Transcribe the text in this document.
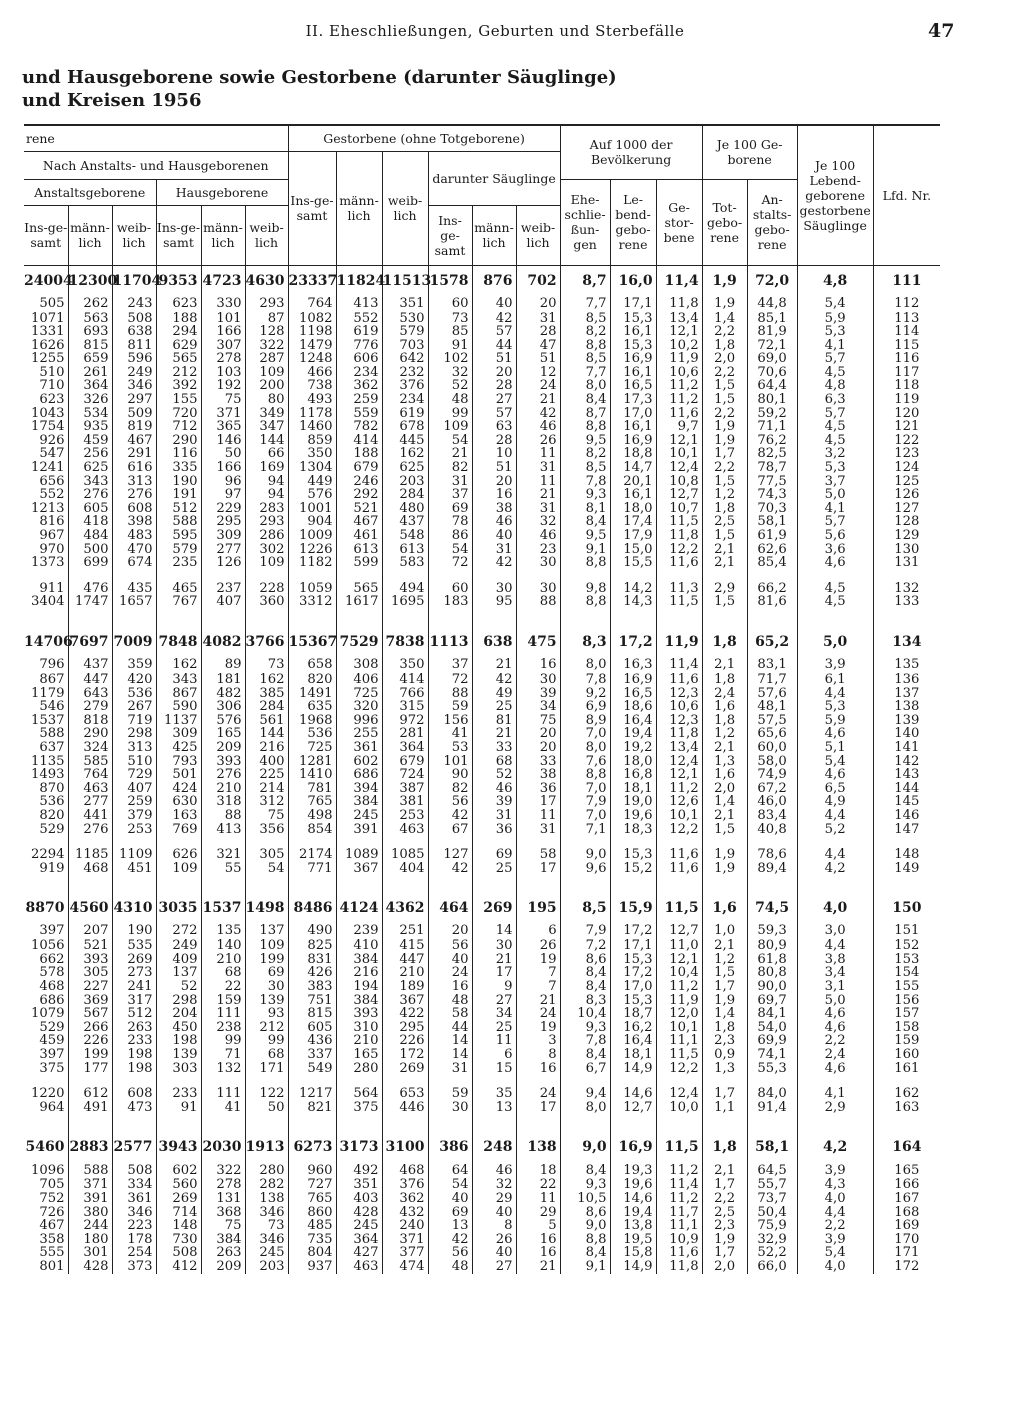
II. Eheschließungen, Geburten und Sterbefälle	47
und Hausgeborene sowie Gestorbene (darunter Säuglinge)
und Kreisen 1956
rene						Gestorbene (ohne Totgeborene)						Auf 1000 der Bevölkerung			Je 100 Ge-borene		Je 100 Lebend-geborene gestorbene Säuglinge	Lfd. Nr.
Nach Anstalts- und Hausgeborenen						Ins-ge-samt	männ-lich	weib-lich	darunter Säuglinge									
Anstaltsgeborene			Hausgeborene									Ehe-schlie-ßun-gen	Le-bend-gebo-rene	Ge-stor-bene	Tot-gebo-rene	An-stalts-gebo-rene		
Ins-ge-samt	männ-lich	weib-lich	Ins-ge-samt	männ-lich	weib-lich				Ins-ge-samt	männ-lich	weib-lich							
24004	12300	11704	9353	4723	4630	23337	11824	11513	1578	876	702	8,7	16,0	11,4	1,9	72,0	4,8	111
505	262	243	623	330	293	764	413	351	60	40	20	7,7	17,1	11,8	1,9	44,8	5,4	112
1071	563	508	188	101	87	1082	552	530	73	42	31	8,5	15,3	13,4	1,4	85,1	5,9	113
1331	693	638	294	166	128	1198	619	579	85	57	28	8,2	16,1	12,1	2,2	81,9	5,3	114
1626	815	811	629	307	322	1479	776	703	91	44	47	8,8	15,3	10,2	1,8	72,1	4,1	115
1255	659	596	565	278	287	1248	606	642	102	51	51	8,5	16,9	11,9	2,0	69,0	5,7	116
510	261	249	212	103	109	466	234	232	32	20	12	7,7	16,1	10,6	2,2	70,6	4,5	117
710	364	346	392	192	200	738	362	376	52	28	24	8,0	16,5	11,2	1,5	64,4	4,8	118
623	326	297	155	75	80	493	259	234	48	27	21	8,4	17,3	11,2	1,5	80,1	6,3	119
1043	534	509	720	371	349	1178	559	619	99	57	42	8,7	17,0	11,6	2,2	59,2	5,7	120
1754	935	819	712	365	347	1460	782	678	109	63	46	8,8	16,1	9,7	1,9	71,1	4,5	121
926	459	467	290	146	144	859	414	445	54	28	26	9,5	16,9	12,1	1,9	76,2	4,5	122
547	256	291	116	50	66	350	188	162	21	10	11	8,2	18,8	10,1	1,7	82,5	3,2	123
1241	625	616	335	166	169	1304	679	625	82	51	31	8,5	14,7	12,4	2,2	78,7	5,3	124
656	343	313	190	96	94	449	246	203	31	20	11	7,8	20,1	10,8	1,5	77,5	3,7	125
552	276	276	191	97	94	576	292	284	37	16	21	9,3	16,1	12,7	1,2	74,3	5,0	126
1213	605	608	512	229	283	1001	521	480	69	38	31	8,1	18,0	10,7	1,8	70,3	4,1	127
816	418	398	588	295	293	904	467	437	78	46	32	8,4	17,4	11,5	2,5	58,1	5,7	128
967	484	483	595	309	286	1009	461	548	86	40	46	9,5	17,9	11,8	1,5	61,9	5,6	129
970	500	470	579	277	302	1226	613	613	54	31	23	9,1	15,0	12,2	2,1	62,6	3,6	130
1373	699	674	235	126	109	1182	599	583	72	42	30	8,8	15,5	11,6	2,1	85,4	4,6	131

911	476	435	465	237	228	1059	565	494	60	30	30	9,8	14,2	11,3	2,9	66,2	4,5	132
3404	1747	1657	767	407	360	3312	1617	1695	183	95	88	8,8	14,3	11,5	1,5	81,6	4,5	133

14706	7697	7009	7848	4082	3766	15367	7529	7838	1113	638	475	8,3	17,2	11,9	1,8	65,2	5,0	134
796	437	359	162	89	73	658	308	350	37	21	16	8,0	16,3	11,4	2,1	83,1	3,9	135
867	447	420	343	181	162	820	406	414	72	42	30	7,8	16,9	11,6	1,8	71,7	6,1	136
1179	643	536	867	482	385	1491	725	766	88	49	39	9,2	16,5	12,3	2,4	57,6	4,4	137
546	279	267	590	306	284	635	320	315	59	25	34	6,9	18,6	10,6	1,6	48,1	5,3	138
1537	818	719	1137	576	561	1968	996	972	156	81	75	8,9	16,4	12,3	1,8	57,5	5,9	139
588	290	298	309	165	144	536	255	281	41	21	20	7,0	19,4	11,8	1,2	65,6	4,6	140
637	324	313	425	209	216	725	361	364	53	33	20	8,0	19,2	13,4	2,1	60,0	5,1	141
1135	585	510	793	393	400	1281	602	679	101	68	33	7,6	18,0	12,4	1,3	58,0	5,4	142
1493	764	729	501	276	225	1410	686	724	90	52	38	8,8	16,8	12,1	1,6	74,9	4,6	143
870	463	407	424	210	214	781	394	387	82	46	36	7,0	18,1	11,2	2,0	67,2	6,5	144
536	277	259	630	318	312	765	384	381	56	39	17	7,9	19,0	12,6	1,4	46,0	4,9	145
820	441	379	163	88	75	498	245	253	42	31	11	7,0	19,6	10,1	2,1	83,4	4,4	146
529	276	253	769	413	356	854	391	463	67	36	31	7,1	18,3	12,2	1,5	40,8	5,2	147

2294	1185	1109	626	321	305	2174	1089	1085	127	69	58	9,0	15,3	11,6	1,9	78,6	4,4	148
919	468	451	109	55	54	771	367	404	42	25	17	9,6	15,2	11,6	1,9	89,4	4,2	149

8870	4560	4310	3035	1537	1498	8486	4124	4362	464	269	195	8,5	15,9	11,5	1,6	74,5	4,0	150
397	207	190	272	135	137	490	239	251	20	14	6	7,9	17,2	12,7	1,0	59,3	3,0	151
1056	521	535	249	140	109	825	410	415	56	30	26	7,2	17,1	11,0	2,1	80,9	4,4	152
662	393	269	409	210	199	831	384	447	40	21	19	8,6	15,3	12,1	1,2	61,8	3,8	153
578	305	273	137	68	69	426	216	210	24	17	7	8,4	17,2	10,4	1,5	80,8	3,4	154
468	227	241	52	22	30	383	194	189	16	9	7	8,4	17,0	11,2	1,7	90,0	3,1	155
686	369	317	298	159	139	751	384	367	48	27	21	8,3	15,3	11,9	1,9	69,7	5,0	156
1079	567	512	204	111	93	815	393	422	58	34	24	10,4	18,7	12,0	1,4	84,1	4,6	157
529	266	263	450	238	212	605	310	295	44	25	19	9,3	16,2	10,1	1,8	54,0	4,6	158
459	226	233	198	99	99	436	210	226	14	11	3	7,8	16,4	11,1	2,3	69,9	2,2	159
397	199	198	139	71	68	337	165	172	14	6	8	8,4	18,1	11,5	0,9	74,1	2,4	160
375	177	198	303	132	171	549	280	269	31	15	16	6,7	14,9	12,2	1,3	55,3	4,6	161

1220	612	608	233	111	122	1217	564	653	59	35	24	9,4	14,6	12,4	1,7	84,0	4,1	162
964	491	473	91	41	50	821	375	446	30	13	17	8,0	12,7	10,0	1,1	91,4	2,9	163

5460	2883	2577	3943	2030	1913	6273	3173	3100	386	248	138	9,0	16,9	11,5	1,8	58,1	4,2	164
1096	588	508	602	322	280	960	492	468	64	46	18	8,4	19,3	11,2	2,1	64,5	3,9	165
705	371	334	560	278	282	727	351	376	54	32	22	9,3	19,6	11,4	1,7	55,7	4,3	166
752	391	361	269	131	138	765	403	362	40	29	11	10,5	14,6	11,2	2,2	73,7	4,0	167
726	380	346	714	368	346	860	428	432	69	40	29	8,6	19,4	11,7	2,5	50,4	4,4	168
467	244	223	148	75	73	485	245	240	13	8	5	9,0	13,8	11,1	2,3	75,9	2,2	169
358	180	178	730	384	346	735	364	371	42	26	16	8,8	19,5	10,9	1,9	32,9	3,9	170
555	301	254	508	263	245	804	427	377	56	40	16	8,4	15,8	11,6	1,7	52,2	5,4	171
801	428	373	412	209	203	937	463	474	48	27	21	9,1	14,9	11,8	2,0	66,0	4,0	172
